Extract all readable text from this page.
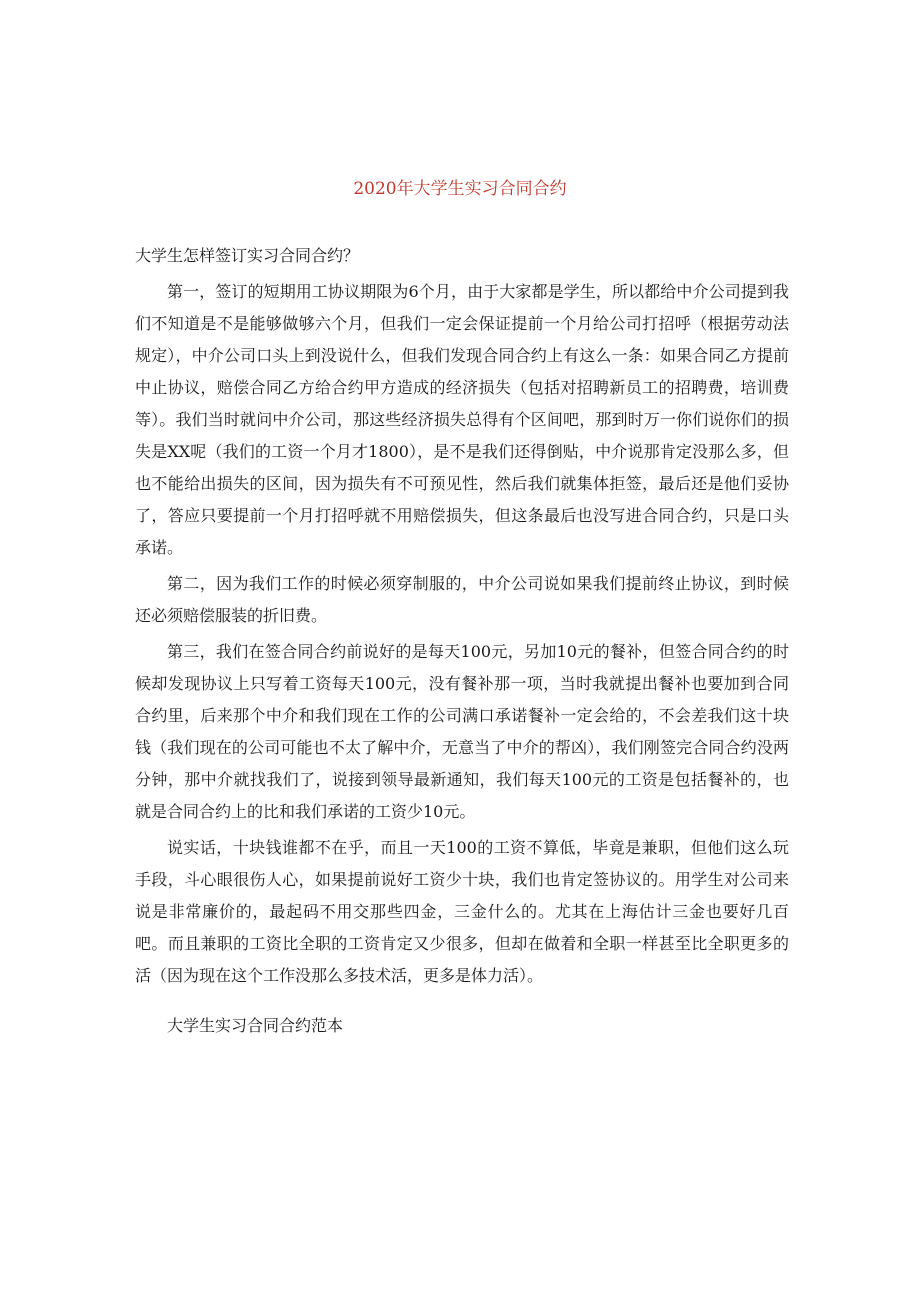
2020年大学生实习合同合约

大学生怎样签订实习合同合约？

第一，签订的短期用工协议期限为6个月，由于大家都是学生，所以都给中介公司提到我们不知道是不是能够做够六个月，但我们一定会保证提前一个月给公司打招呼（根据劳动法规定），中介公司口头上到没说什么，但我们发现合同合约上有这么一条：如果合同乙方提前中止协议，赔偿合同乙方给合约甲方造成的经济损失（包括对招聘新员工的招聘费，培训费等）。我们当时就问中介公司，那这些经济损失总得有个区间吧，那到时万一你们说你们的损失是XX呢（我们的工资一个月才1800），是不是我们还得倒贴，中介说那肯定没那么多，但也不能给出损失的区间，因为损失有不可预见性，然后我们就集体拒签，最后还是他们妥协了，答应只要提前一个月打招呼就不用赔偿损失，但这条最后也没写进合同合约，只是口头承诺。

第二，因为我们工作的时候必须穿制服的，中介公司说如果我们提前终止协议，到时候还必须赔偿服装的折旧费。

第三，我们在签合同合约前说好的是每天100元，另加10元的餐补，但签合同合约的时候却发现协议上只写着工资每天100元，没有餐补那一项，当时我就提出餐补也要加到合同合约里，后来那个中介和我们现在工作的公司满口承诺餐补一定会给的，不会差我们这十块钱（我们现在的公司可能也不太了解中介，无意当了中介的帮凶），我们刚签完合同合约没两分钟，那中介就找我们了，说接到领导最新通知，我们每天100元的工资是包括餐补的，也就是合同合约上的比和我们承诺的工资少10元。

说实话，十块钱谁都不在乎，而且一天100的工资不算低，毕竟是兼职，但他们这么玩手段，斗心眼很伤人心，如果提前说好工资少十块，我们也肯定签协议的。用学生对公司来说是非常廉价的，最起码不用交那些四金，三金什么的。尤其在上海估计三金也要好几百吧。而且兼职的工资比全职的工资肯定又少很多，但却在做着和全职一样甚至比全职更多的活（因为现在这个工作没那么多技术活，更多是体力活）。

大学生实习合同合约范本
